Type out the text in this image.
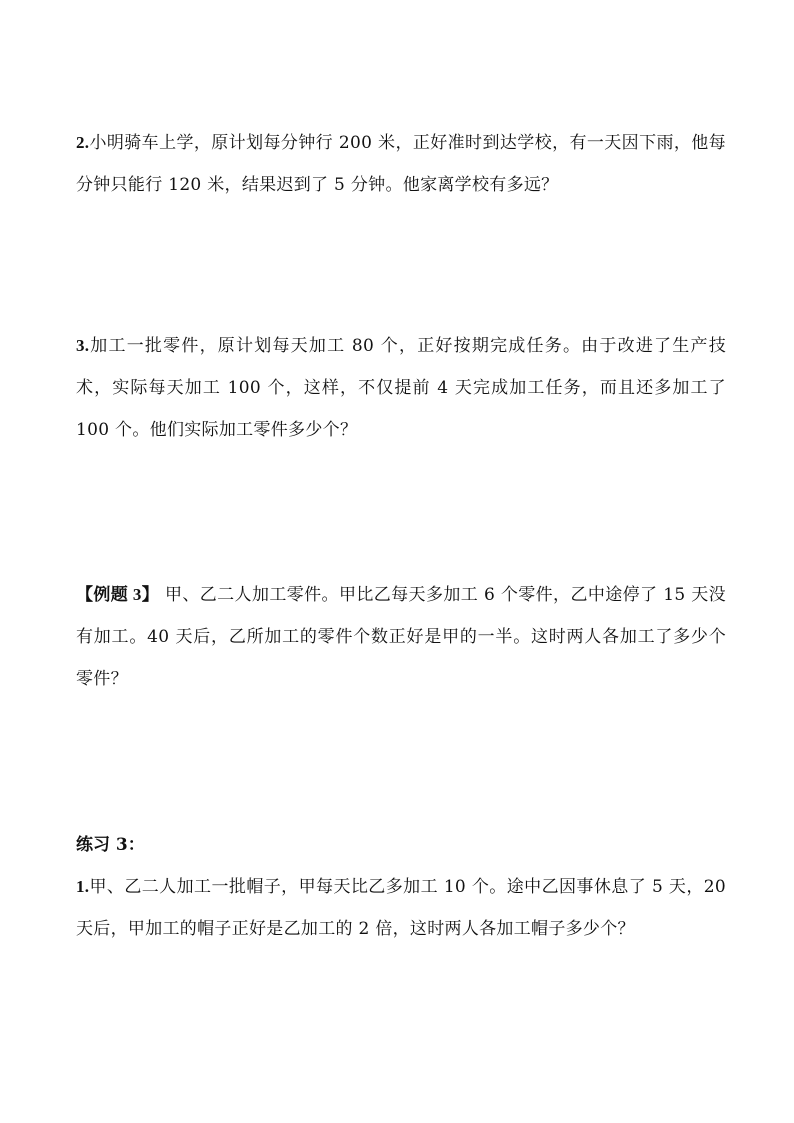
2.小明骑车上学，原计划每分钟行 200 米，正好准时到达学校，有一天因下雨，他每分钟只能行 120 米，结果迟到了 5 分钟。他家离学校有多远？

3.加工一批零件，原计划每天加工 80 个，正好按期完成任务。由于改进了生产技术，实际每天加工 100 个，这样，不仅提前 4 天完成加工任务，而且还多加工了 100 个。他们实际加工零件多少个？

【例题 3】 甲、乙二人加工零件。甲比乙每天多加工 6 个零件，乙中途停了 15 天没有加工。40 天后，乙所加工的零件个数正好是甲的一半。这时两人各加工了多少个零件？

练习 3：

1.甲、乙二人加工一批帽子，甲每天比乙多加工 10 个。途中乙因事休息了 5 天，20 天后，甲加工的帽子正好是乙加工的 2 倍，这时两人各加工帽子多少个？
